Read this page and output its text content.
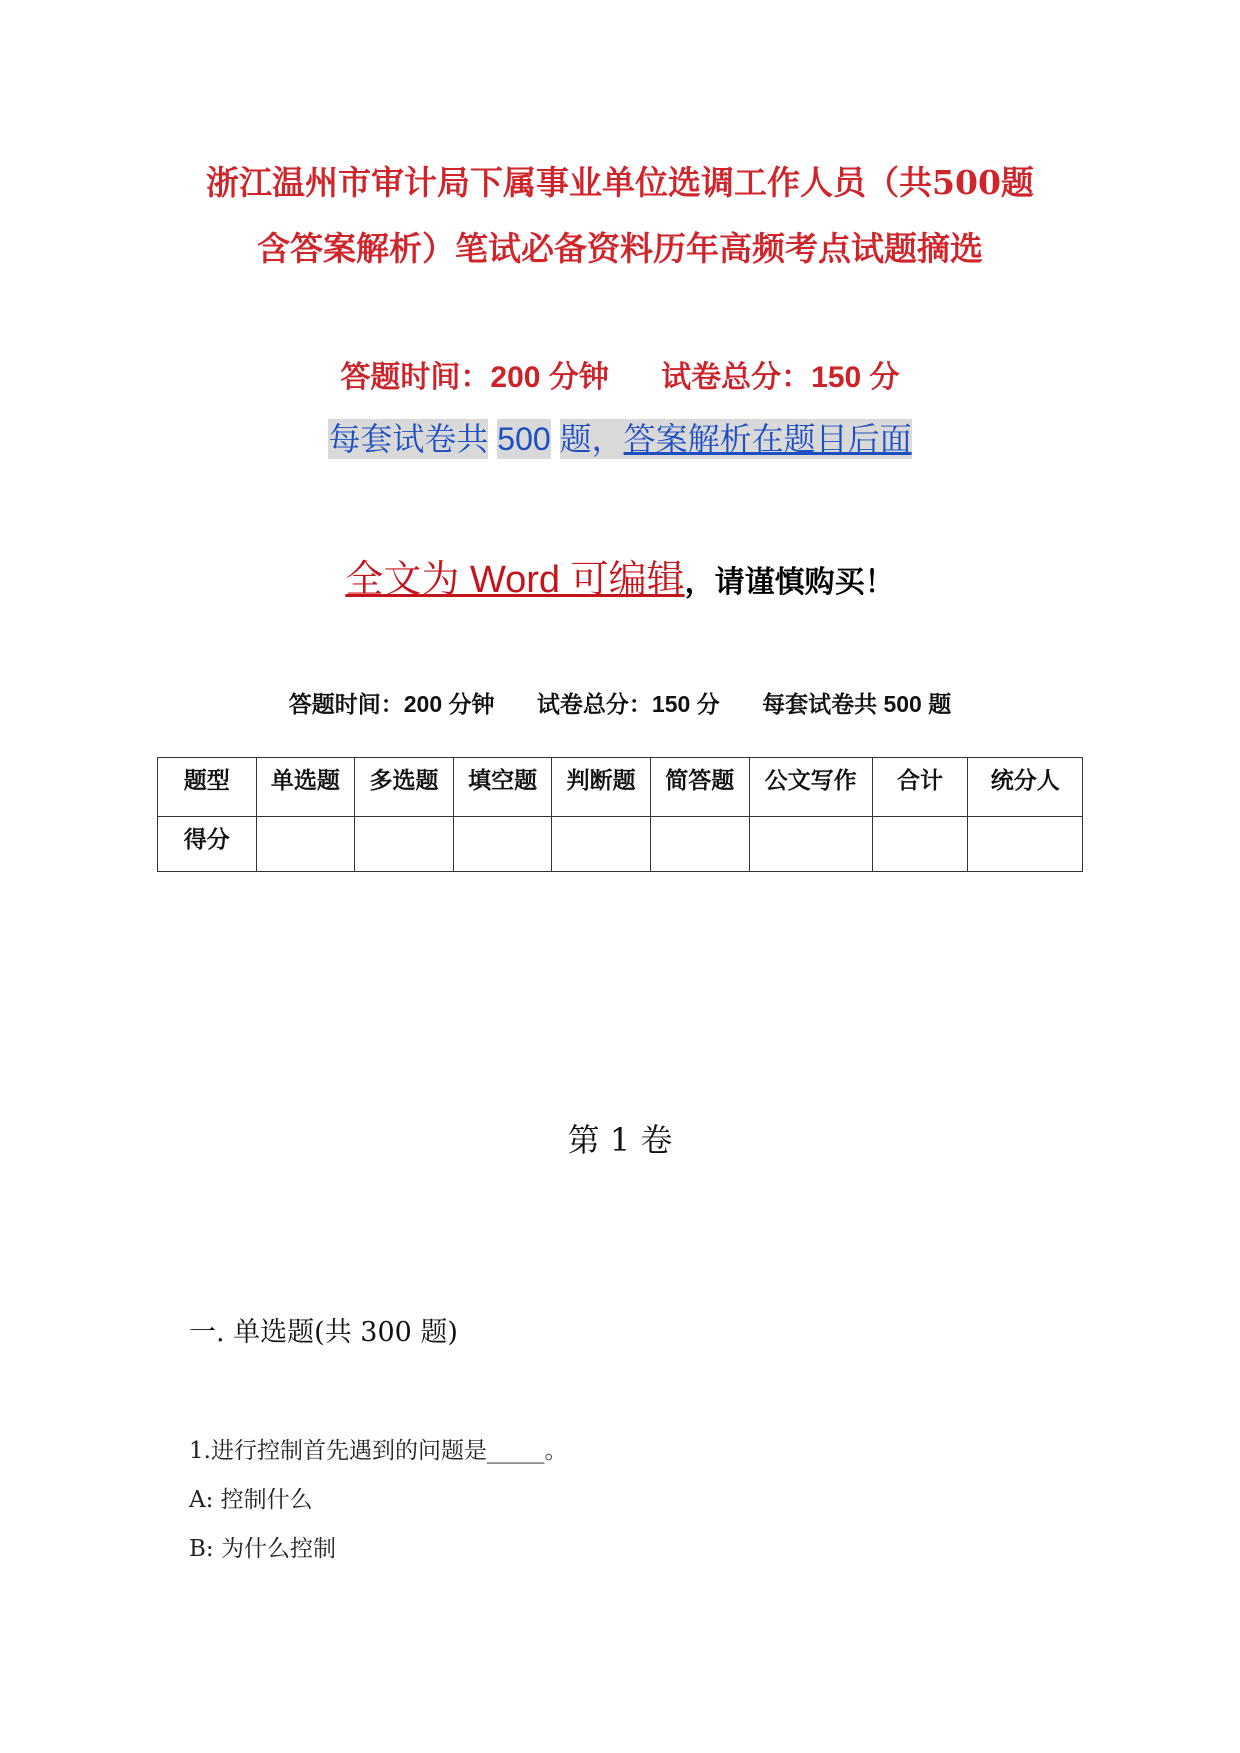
浙江温州市审计局下属事业单位选调工作人员（共500题
含答案解析）笔试必备资料历年高频考点试题摘选
答题时间：200 分钟 试卷总分：150 分
每套试卷共 500 题，答案解析在题目后面
全文为 Word 可编辑，请谨慎购买！
答题时间：200 分钟 试卷总分：150 分 每套试卷共 500 题
题型	单选题	多选题	填空题	判断题	简答题	公文写作	合计	统分人
得分								
第 1 卷
一. 单选题(共 300 题)
1.进行控制首先遇到的问题是_____。
A: 控制什么
B: 为什么控制
